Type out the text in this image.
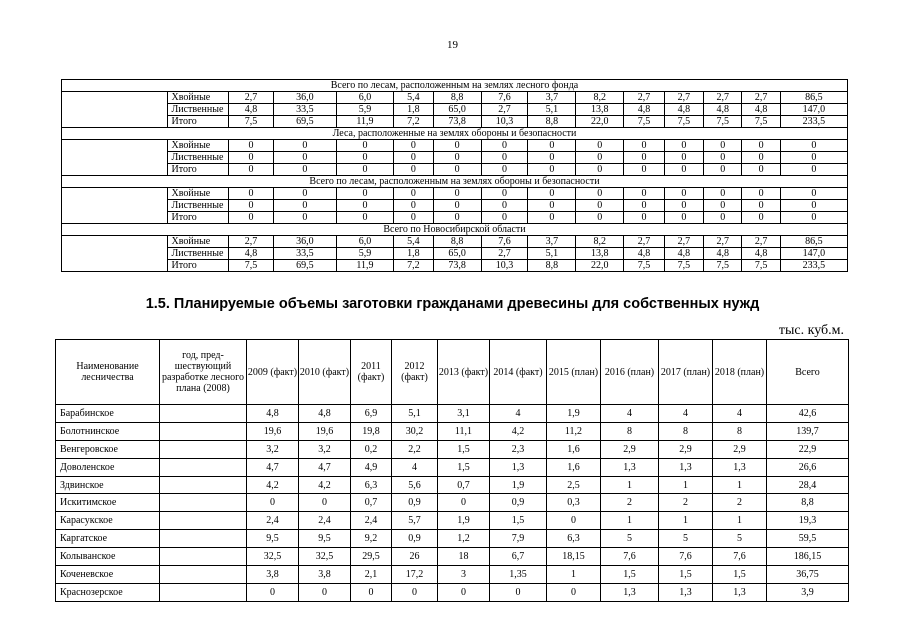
19
Всего по лесам, расположенным на землях лесного фонда														
	Хвойные	2,7	36,0	6,0	5,4	8,8	7,6	3,7	8,2	2,7	2,7	2,7	2,7	86,5
	Лиственные	4,8	33,5	5,9	1,8	65,0	2,7	5,1	13,8	4,8	4,8	4,8	4,8	147,0
	Итого	7,5	69,5	11,9	7,2	73,8	10,3	8,8	22,0	7,5	7,5	7,5	7,5	233,5
Леса, расположенные на землях обороны и безопасности														
	Хвойные	0	0	0	0	0	0	0	0	0	0	0	0	0
	Лиственные	0	0	0	0	0	0	0	0	0	0	0	0	0
	Итого	0	0	0	0	0	0	0	0	0	0	0	0	0
Всего по лесам, расположенным на землях обороны и безопасности														
	Хвойные	0	0	0	0	0	0	0	0	0	0	0	0	0
	Лиственные	0	0	0	0	0	0	0	0	0	0	0	0	0
	Итого	0	0	0	0	0	0	0	0	0	0	0	0	0
Всего по Новосибирской области														
	Хвойные	2,7	36,0	6,0	5,4	8,8	7,6	3,7	8,2	2,7	2,7	2,7	2,7	86,5
	Лиственные	4,8	33,5	5,9	1,8	65,0	2,7	5,1	13,8	4,8	4,8	4,8	4,8	147,0
	Итого	7,5	69,5	11,9	7,2	73,8	10,3	8,8	22,0	7,5	7,5	7,5	7,5	233,5
1.5. Планируемые объемы заготовки гражданами древесины для собственных нужд
тыс. куб.м.
Наименование лесничества	год, пред-шествующий разработке лесного плана (2008)	2009 (факт)	2010 (факт)	2011 (факт)	2012 (факт)	2013 (факт)	2014 (факт)	2015 (план)	2016 (план)	2017 (план)	2018 (план)	Всего
Барабинское		4,8	4,8	6,9	5,1	3,1	4	1,9	4	4	4	42,6
Болотнинское		19,6	19,6	19,8	30,2	11,1	4,2	11,2	8	8	8	139,7
Венгеровское		3,2	3,2	0,2	2,2	1,5	2,3	1,6	2,9	2,9	2,9	22,9
Доволенское		4,7	4,7	4,9	4	1,5	1,3	1,6	1,3	1,3	1,3	26,6
Здвинское		4,2	4,2	6,3	5,6	0,7	1,9	2,5	1	1	1	28,4
Искитимское		0	0	0,7	0,9	0	0,9	0,3	2	2	2	8,8
Карасукское		2,4	2,4	2,4	5,7	1,9	1,5	0	1	1	1	19,3
Каргатское		9,5	9,5	9,2	0,9	1,2	7,9	6,3	5	5	5	59,5
Колыванское		32,5	32,5	29,5	26	18	6,7	18,15	7,6	7,6	7,6	186,15
Коченевское		3,8	3,8	2,1	17,2	3	1,35	1	1,5	1,5	1,5	36,75
Краснозерское		0	0	0	0	0	0	0	1,3	1,3	1,3	3,9
